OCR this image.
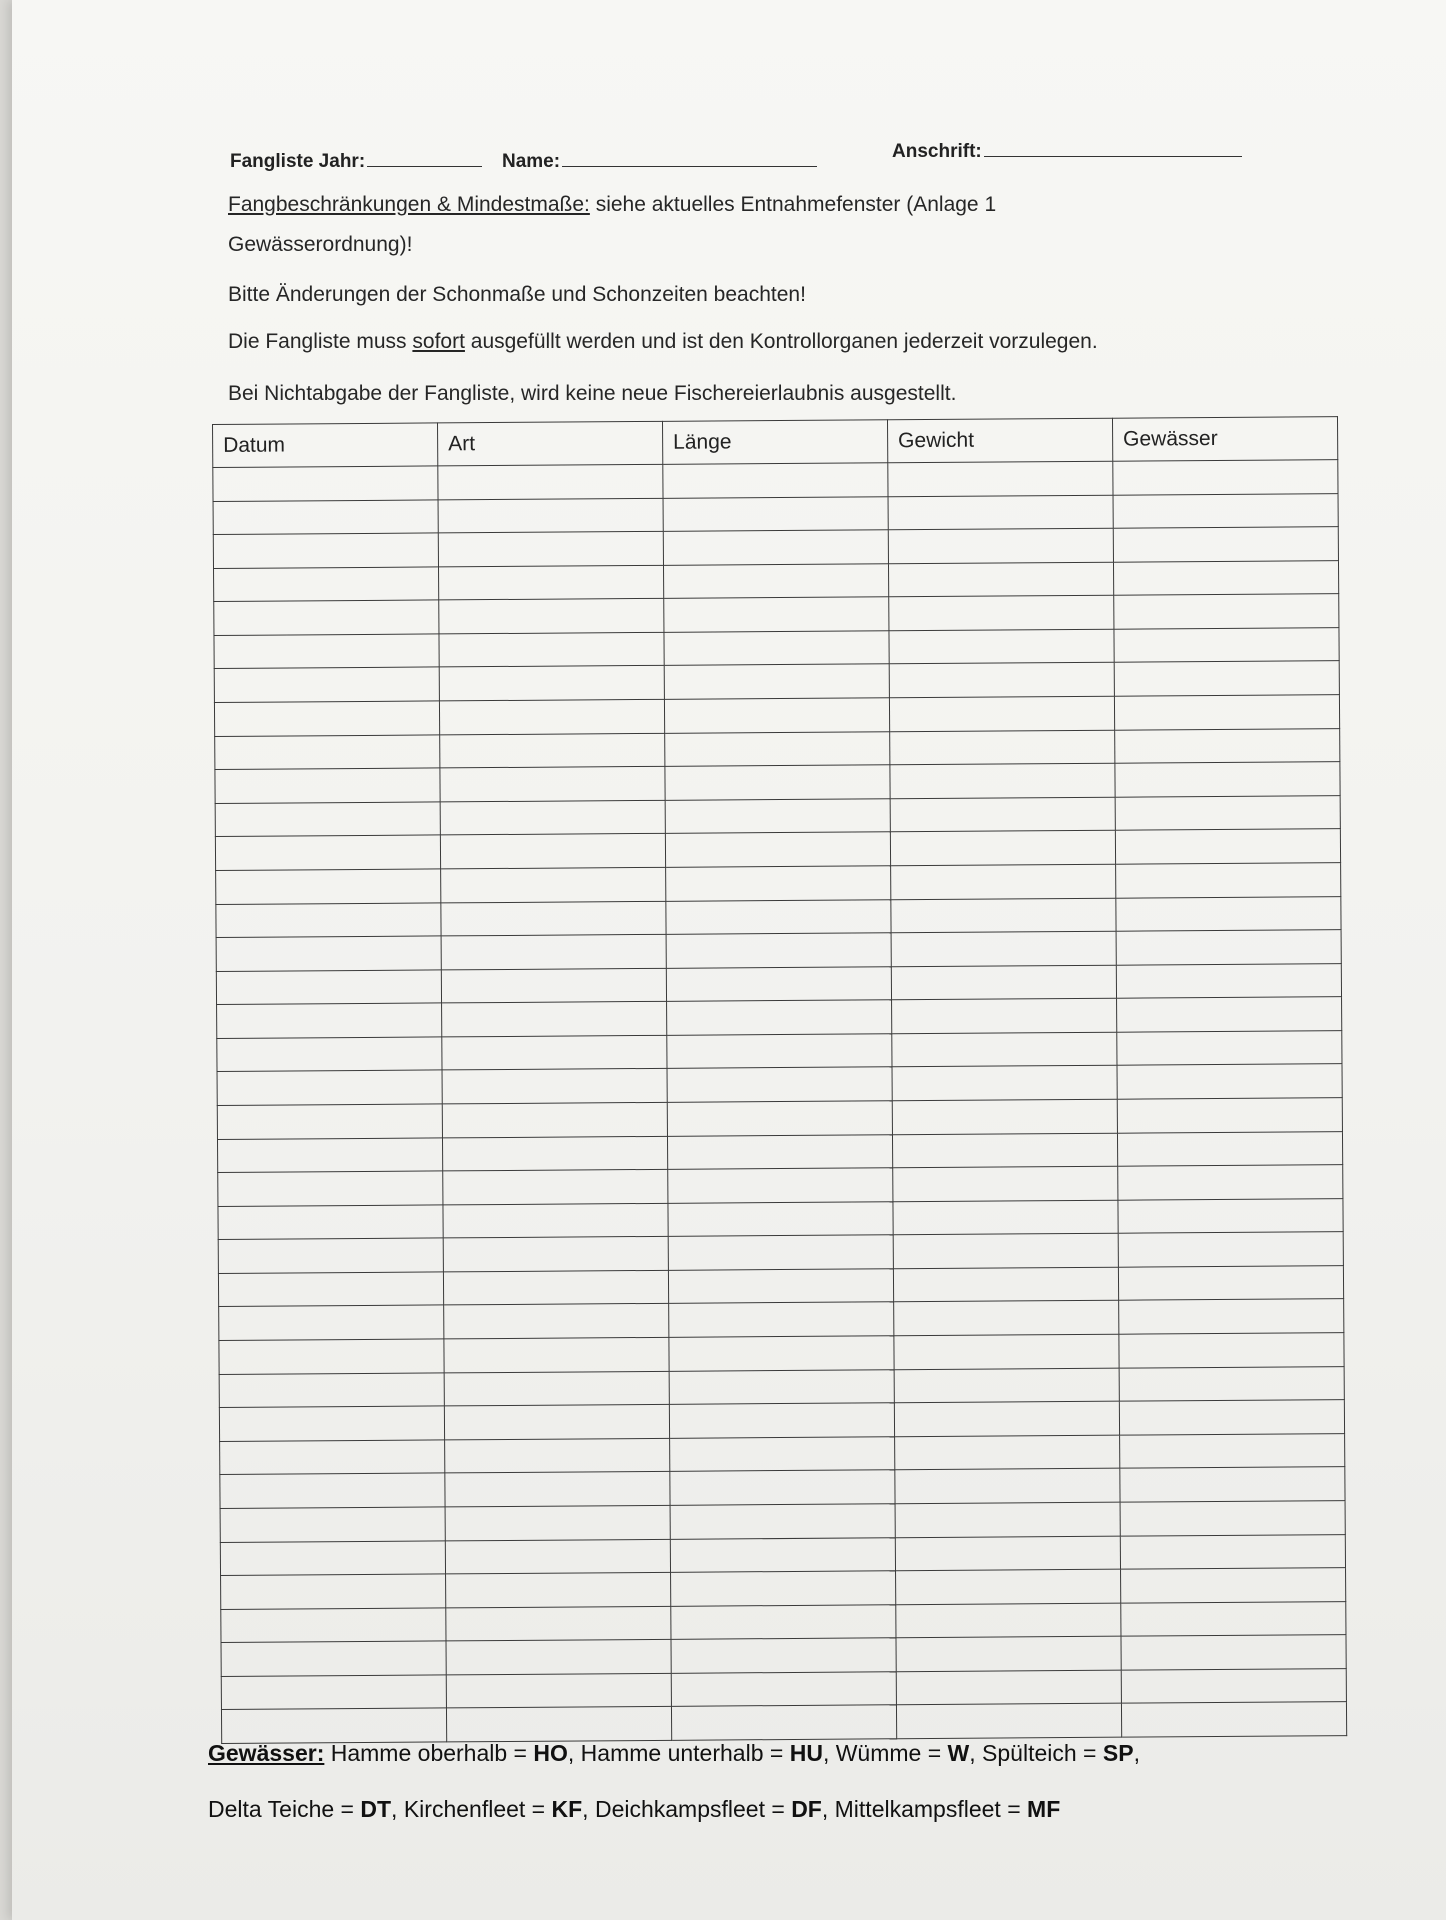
Fangliste Jahr:	Name:	Anschrift:
Fangbeschränkungen & Mindestmaße: siehe aktuelles Entnahmefenster (Anlage 1
Gewässerordnung)!
Bitte Änderungen der Schonmaße und Schonzeiten beachten!
Die Fangliste muss sofort ausgefüllt werden und ist den Kontrollorganen jederzeit vorzulegen.
Bei Nichtabgabe der Fangliste, wird keine neue Fischereierlaubnis ausgestellt.
Datum	Art	Länge	Gewicht	Gewässer

Gewässer: Hamme oberhalb = HO, Hamme unterhalb = HU, Wümme = W, Spülteich = SP,
Delta Teiche = DT, Kirchenfleet = KF, Deichkampsfleet = DF, Mittelkampsfleet = MF
